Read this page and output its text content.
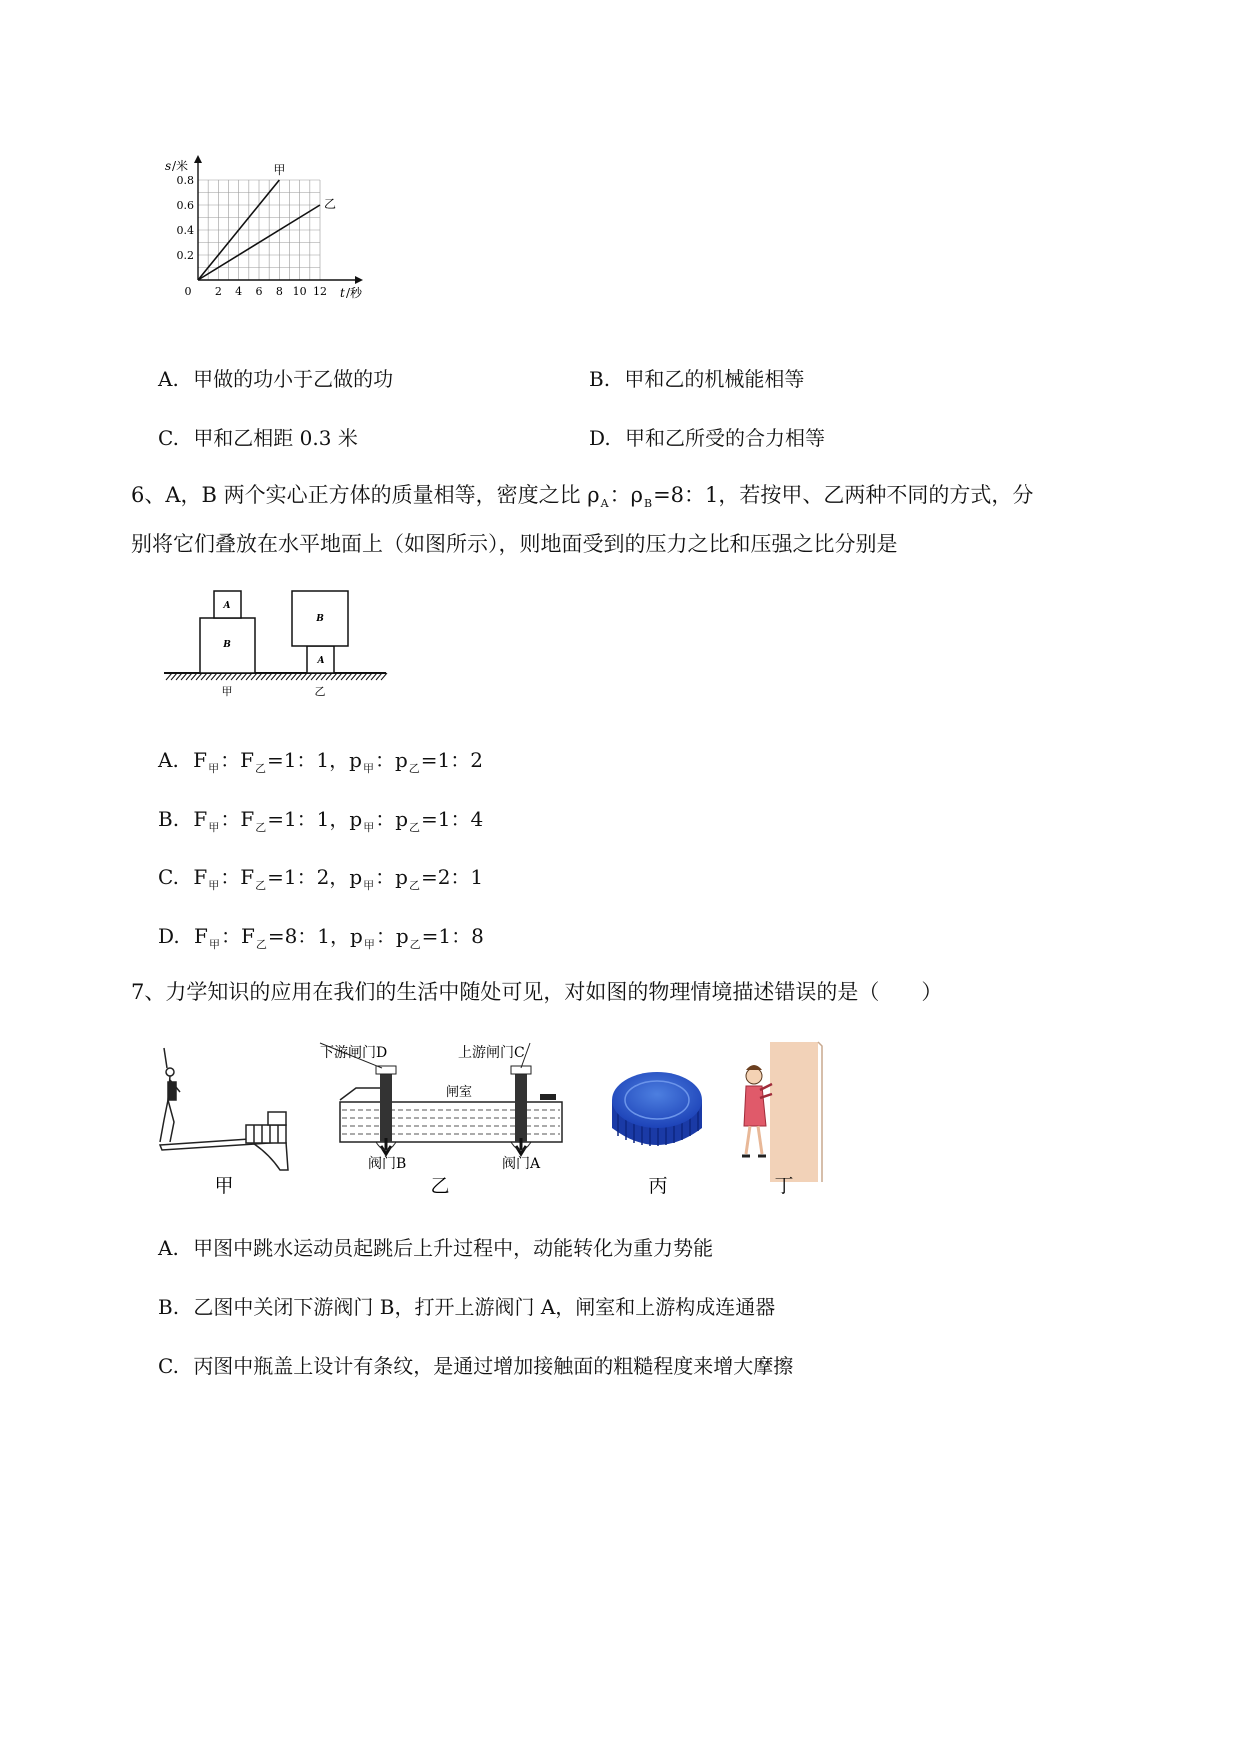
0 2 4 6 8 10 12
0.2
0.4
0.6
0.8
甲
乙
s /米
t /秒
A. 甲做的功小于乙做的功	B. 甲和乙的机械能相等
C. 甲和乙相距 0.3 米	D. 甲和乙所受的合力相等
6、A，B 两个实心正方体的质量相等，密度之比 $\rho_A$：$\rho_B=8$：1，若按甲、乙两种不同的方式，分别将它们叠放在水平地面上（如图所示），则地面受到的压力之比和压强之比分别是
A
B
B
A
甲	乙
A. $F_甲$：$F_乙=1$：1，$p_甲$：$p_乙=1$：2
B. $F_甲$：$F_乙=1$：1，$p_甲$：$p_乙=1$：4
C. $F_甲$：$F_乙=1$：2，$p_甲$：$p_乙=2$：1
D. $F_甲$：$F_乙=8$：1，$p_甲$：$p_乙=1$：8
7、力学知识的应用在我们的生活中随处可见，对如图的物理情境描述错误的是（　　）
甲
下游闸门D	上游闸门C
闸室
阀门B	阀门A
乙	丙	丁
A. 甲图中跳水运动员起跳后上升过程中，动能转化为重力势能
B. 乙图中关闭下游阀门 B，打开上游阀门 A，闸室和上游构成连通器
C. 丙图中瓶盖上设计有条纹，是通过增加接触面的粗糙程度来增大摩擦
